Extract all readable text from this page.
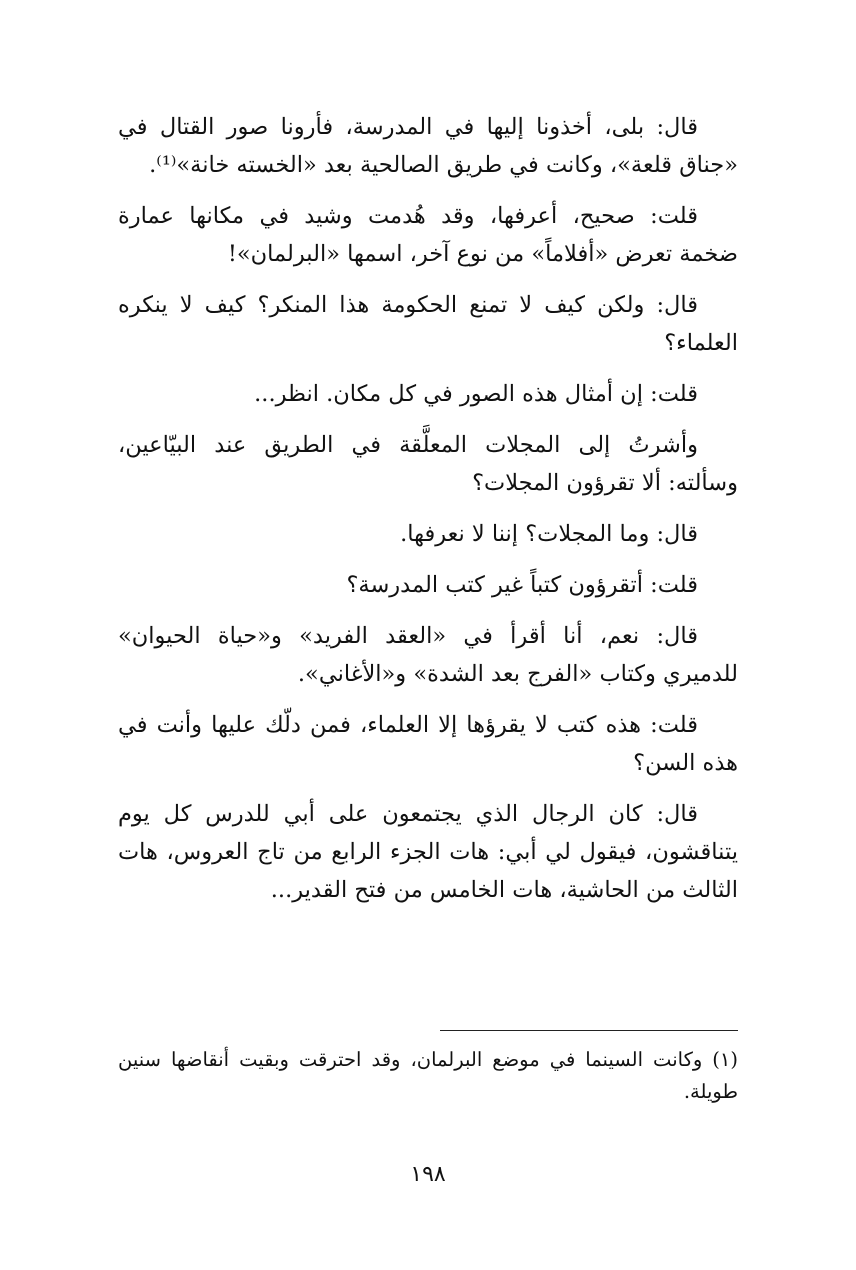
قال: بلى، أخذونا إليها في المدرسة، فأرونا صور القتال في «جناق قلعة»، وكانت في طريق الصالحية بعد «الخسته خانة»⁽¹⁾.

قلت: صحيح، أعرفها، وقد هُدمت وشيد في مكانها عمارة ضخمة تعرض «أفلاماً» من نوع آخر، اسمها «البرلمان»!

قال: ولكن كيف لا تمنع الحكومة هذا المنكر؟ كيف لا ينكره العلماء؟

قلت: إن أمثال هذه الصور في كل مكان. انظر...

وأشرتُ إلى المجلات المعلَّقة في الطريق عند البيّاعين، وسألته: ألا تقرؤون المجلات؟

قال: وما المجلات؟ إننا لا نعرفها.

قلت: أتقرؤون كتباً غير كتب المدرسة؟

قال: نعم، أنا أقرأ في «العقد الفريد» و«حياة الحيوان» للدميري وكتاب «الفرج بعد الشدة» و«الأغاني».

قلت: هذه كتب لا يقرؤها إلا العلماء، فمن دلّك عليها وأنت في هذه السن؟

قال: كان الرجال الذي يجتمعون على أبي للدرس كل يوم يتناقشون، فيقول لي أبي: هات الجزء الرابع من تاج العروس، هات الثالث من الحاشية، هات الخامس من فتح القدير...

(١) وكانت السينما في موضع البرلمان، وقد احترقت وبقيت أنقاضها سنين طويلة.

١٩٨
